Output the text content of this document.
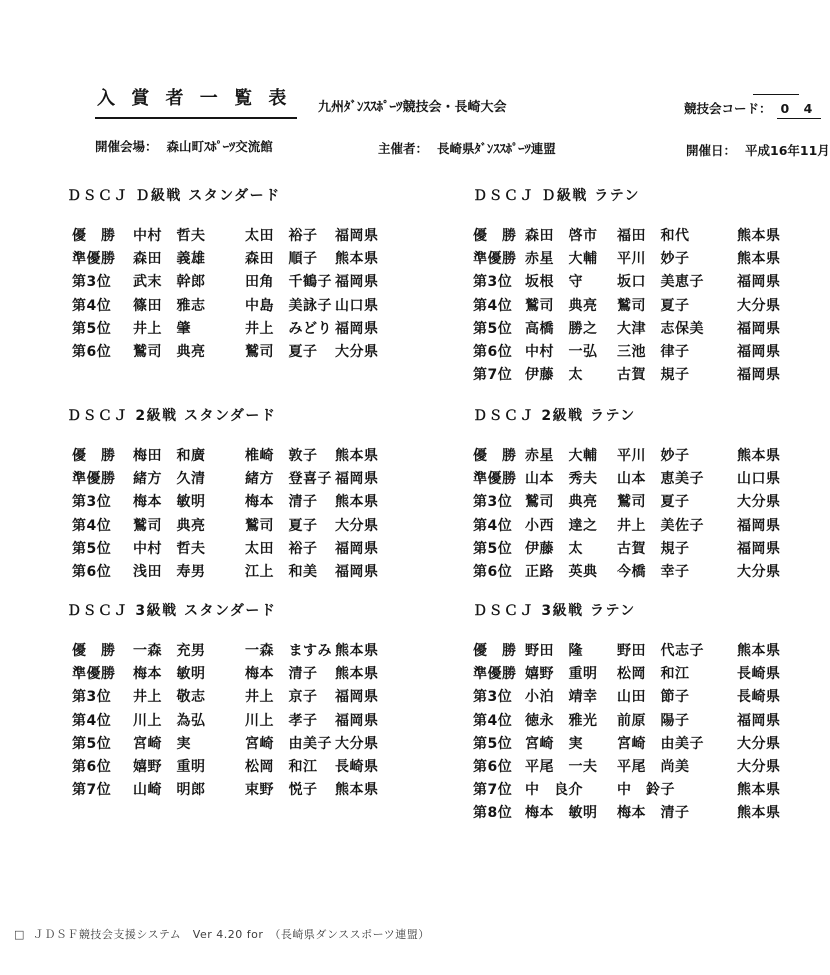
入 賞 者 一 覧 表	九州ﾀﾞﾝｽｽﾎﾟｰﾂ競技会・長崎大会	競技会コード： 0 4
開催会場： 森山町ｽﾎﾟｰﾂ交流館	主催者： 長崎県ﾀﾞﾝｽｽﾎﾟｰﾂ連盟	開催日： 平成16年11月
ＤＳＣＪ Ｄ級戦 スタンダード
優　勝 中村　哲夫	太田　裕子 福岡県
準優勝 森田　義雄	森田　順子 熊本県
第3位 武末　幹郎	田角　千鶴子 福岡県
第4位 篠田　雅志	中島　美詠子 山口県
第5位 井上　肇	井上　みどり 福岡県
第6位 鷲司　典亮	鷲司　夏子 大分県
ＤＳＣＪ 2級戦 スタンダード
優　勝 梅田　和廣	椎崎　敦子 熊本県
準優勝 緒方　久清	緒方　登喜子 福岡県
第3位 梅本　敏明	梅本　清子 熊本県
第4位 鷲司　典亮	鷲司　夏子 大分県
第5位 中村　哲夫	太田　裕子 福岡県
第6位 浅田　寿男	江上　和美 福岡県
ＤＳＣＪ 3級戦 スタンダード
優　勝 一森　充男	一森　ますみ 熊本県
準優勝 梅本　敏明	梅本　清子 熊本県
第3位 井上　敬志	井上　京子 福岡県
第4位 川上　為弘	川上　孝子 福岡県
第5位 宮崎　実	宮崎　由美子 大分県
第6位 嬉野　重明	松岡　和江 長崎県
第7位 山崎　明郎	束野　悦子 熊本県
ＤＳＣＪ Ｄ級戦 ラテン
優　勝 森田　啓市 福田　和代	熊本県
準優勝 赤星　大輔 平川　妙子	熊本県
第3位 坂根　守 坂口　美恵子 福岡県
第4位 鷲司　典亮 鷲司　夏子	大分県
第5位 高橋　勝之 大津　志保美 福岡県
第6位 中村　一弘 三池　律子	福岡県
第7位 伊藤　太 古賀　規子	福岡県
ＤＳＣＪ 2級戦 ラテン
優　勝 赤星　大輔 平川　妙子	熊本県
準優勝 山本　秀夫 山本　恵美子 山口県
第3位 鷲司　典亮 鷲司　夏子	大分県
第4位 小西　達之 井上　美佐子 福岡県
第5位 伊藤　太 古賀　規子	福岡県
第6位 正路　英典 今橋　幸子	大分県
ＤＳＣＪ 3級戦 ラテン
優　勝 野田　隆 野田　代志子 熊本県
準優勝 嬉野　重明 松岡　和江	長崎県
第3位 小泊　靖幸 山田　節子	長崎県
第4位 徳永　雅光 前原　陽子	福岡県
第5位 宮崎　実 宮崎　由美子 大分県
第6位 平尾　一夫 平尾　尚美	大分県
第7位 中　良介 中　鈴子	熊本県
第8位 梅本　敏明 梅本　清子	熊本県
□ ＪＤＳＦ競技会支援システム　Ver 4.20 for　（長崎県ダンススポーツ連盟）
